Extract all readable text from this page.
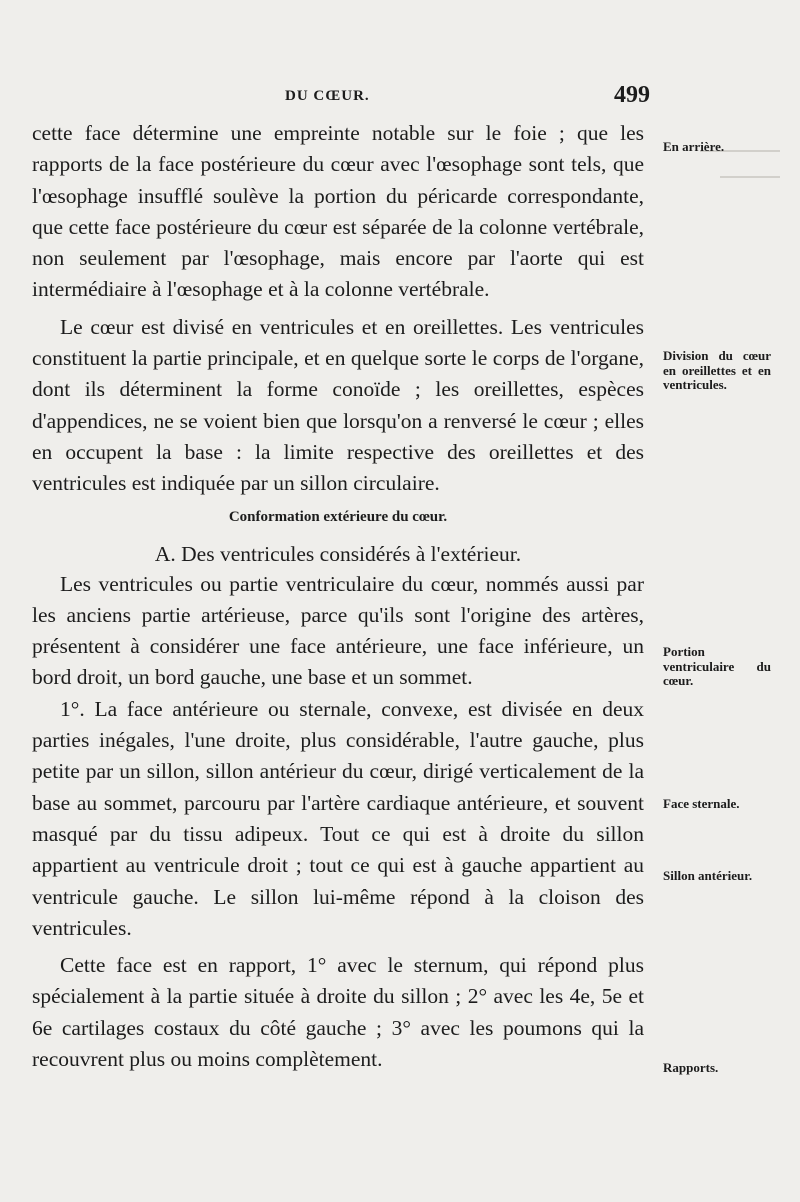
DU CŒUR.	499

cette face détermine une empreinte notable sur le foie ; que les rapports de la face postérieure du cœur avec l'œsophage sont tels, que l'œsophage insufflé soulève la portion du péricarde correspondante, que cette face postérieure du cœur est séparée de la colonne vertébrale, non seulement par l'œsophage, mais encore par l'aorte qui est intermédiaire à l'œsophage et à la colonne vertébrale.

Le cœur est divisé en ventricules et en oreillettes. Les ventricules constituent la partie principale, et en quelque sorte le corps de l'organe, dont ils déterminent la forme conoïde ; les oreillettes, espèces d'appendices, ne se voient bien que lorsqu'on a renversé le cœur ; elles en occupent la base : la limite respective des oreillettes et des ventricules est indiquée par un sillon circulaire.

Conformation extérieure du cœur.
A. Des ventricules considérés à l'extérieur.

Les ventricules ou partie ventriculaire du cœur, nommés aussi par les anciens partie artérieuse, parce qu'ils sont l'origine des artères, présentent à considérer une face antérieure, une face inférieure, un bord droit, un bord gauche, une base et un sommet.

1°. La face antérieure ou sternale, convexe, est divisée en deux parties inégales, l'une droite, plus considérable, l'autre gauche, plus petite par un sillon, sillon antérieur du cœur, dirigé verticalement de la base au sommet, parcouru par l'artère cardiaque antérieure, et souvent masqué par du tissu adipeux. Tout ce qui est à droite du sillon appartient au ventricule droit ; tout ce qui est à gauche appartient au ventricule gauche. Le sillon lui-même répond à la cloison des ventricules.

Cette face est en rapport, 1° avec le sternum, qui répond plus spécialement à la partie située à droite du sillon ; 2° avec les 4e, 5e et 6e cartilages costaux du côté gauche ; 3° avec les poumons qui la recouvrent plus ou moins complètement.

En arrière.
Division du cœur en oreillettes et en ventricules.
Portion ventriculaire du cœur.
Face sternale.
Sillon antérieur.
Rapports.
